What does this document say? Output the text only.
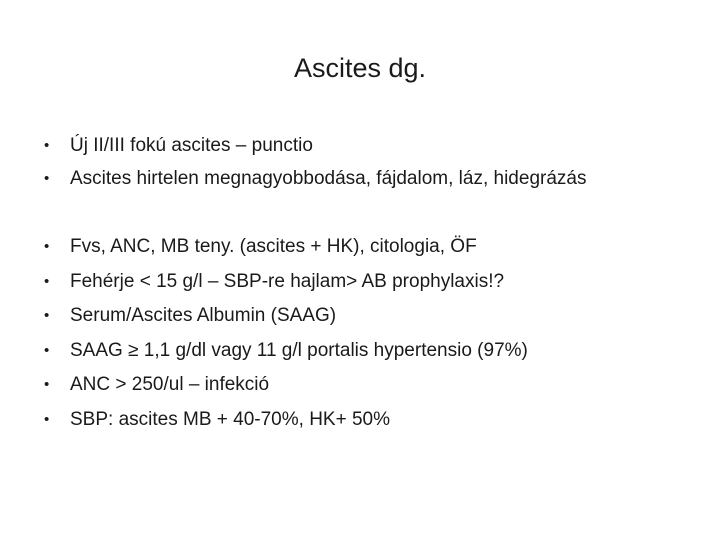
Ascites dg.
• Új II/III fokú ascites – punctio
• Ascites hirtelen megnagyobbodása, fájdalom, láz, hidegrázás
• Fvs, ANC, MB teny. (ascites + HK), citologia, ÖF
• Fehérje < 15 g/l – SBP-re hajlam> AB prophylaxis!?
• Serum/Ascites Albumin (SAAG)
• SAAG ≥ 1,1 g/dl vagy 11 g/l portalis hypertensio (97%)
• ANC > 250/ul – infekció
• SBP: ascites MB + 40-70%, HK+ 50%
